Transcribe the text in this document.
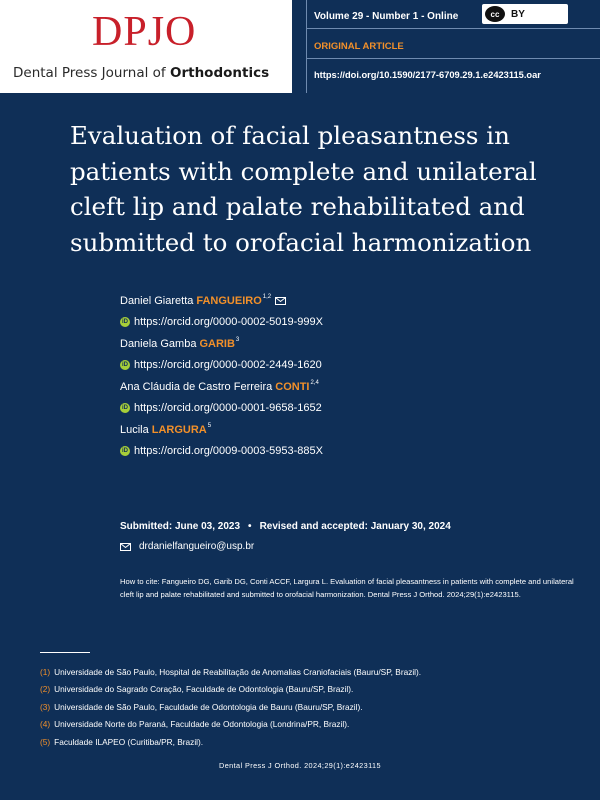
DPJO
Dental Press Journal of Orthodontics
Volume 29 - Number 1 - Online	cc	BY
ORIGINAL ARTICLE
https://doi.org/10.1590/2177-6709.29.1.e2423115.oar
Evaluation of facial pleasantness in patients with complete and unilateral cleft lip and palate rehabilitated and submitted to orofacial harmonization
Daniel Giaretta FANGUEIRO$^{1,2}$
iD https://orcid.org/0000-0002-5019-999X
Daniela Gamba GARIB$^3$
iD https://orcid.org/0000-0002-2449-1620
Ana Cláudia de Castro Ferreira CONTI$^{2,4}$
iD https://orcid.org/0000-0001-9658-1652
Lucila LARGURA$^5$
iD https://orcid.org/0009-0003-5953-885X
Submitted: June 03, 2023 • Revised and accepted: January 30, 2024
drdanielfangueiro@usp.br

How to cite: Fangueiro DG, Garib DG, Conti ACCF, Largura L. Evaluation of facial pleasantness in patients with complete and unilateral cleft lip and palate rehabilitated and submitted to orofacial harmonization. Dental Press J Orthod. 2024;29(1):e2423115.

(1) Universidade de São Paulo, Hospital de Reabilitação de Anomalias Craniofaciais (Bauru/SP, Brazil).
(2) Universidade do Sagrado Coração, Faculdade de Odontologia (Bauru/SP, Brazil).
(3) Universidade de São Paulo, Faculdade de Odontologia de Bauru (Bauru/SP, Brazil).
(4) Universidade Norte do Paraná, Faculdade de Odontologia (Londrina/PR, Brazil).
(5) Faculdade ILAPEO (Curitiba/PR, Brazil).
Dental Press J Orthod. 2024;29(1):e2423115
